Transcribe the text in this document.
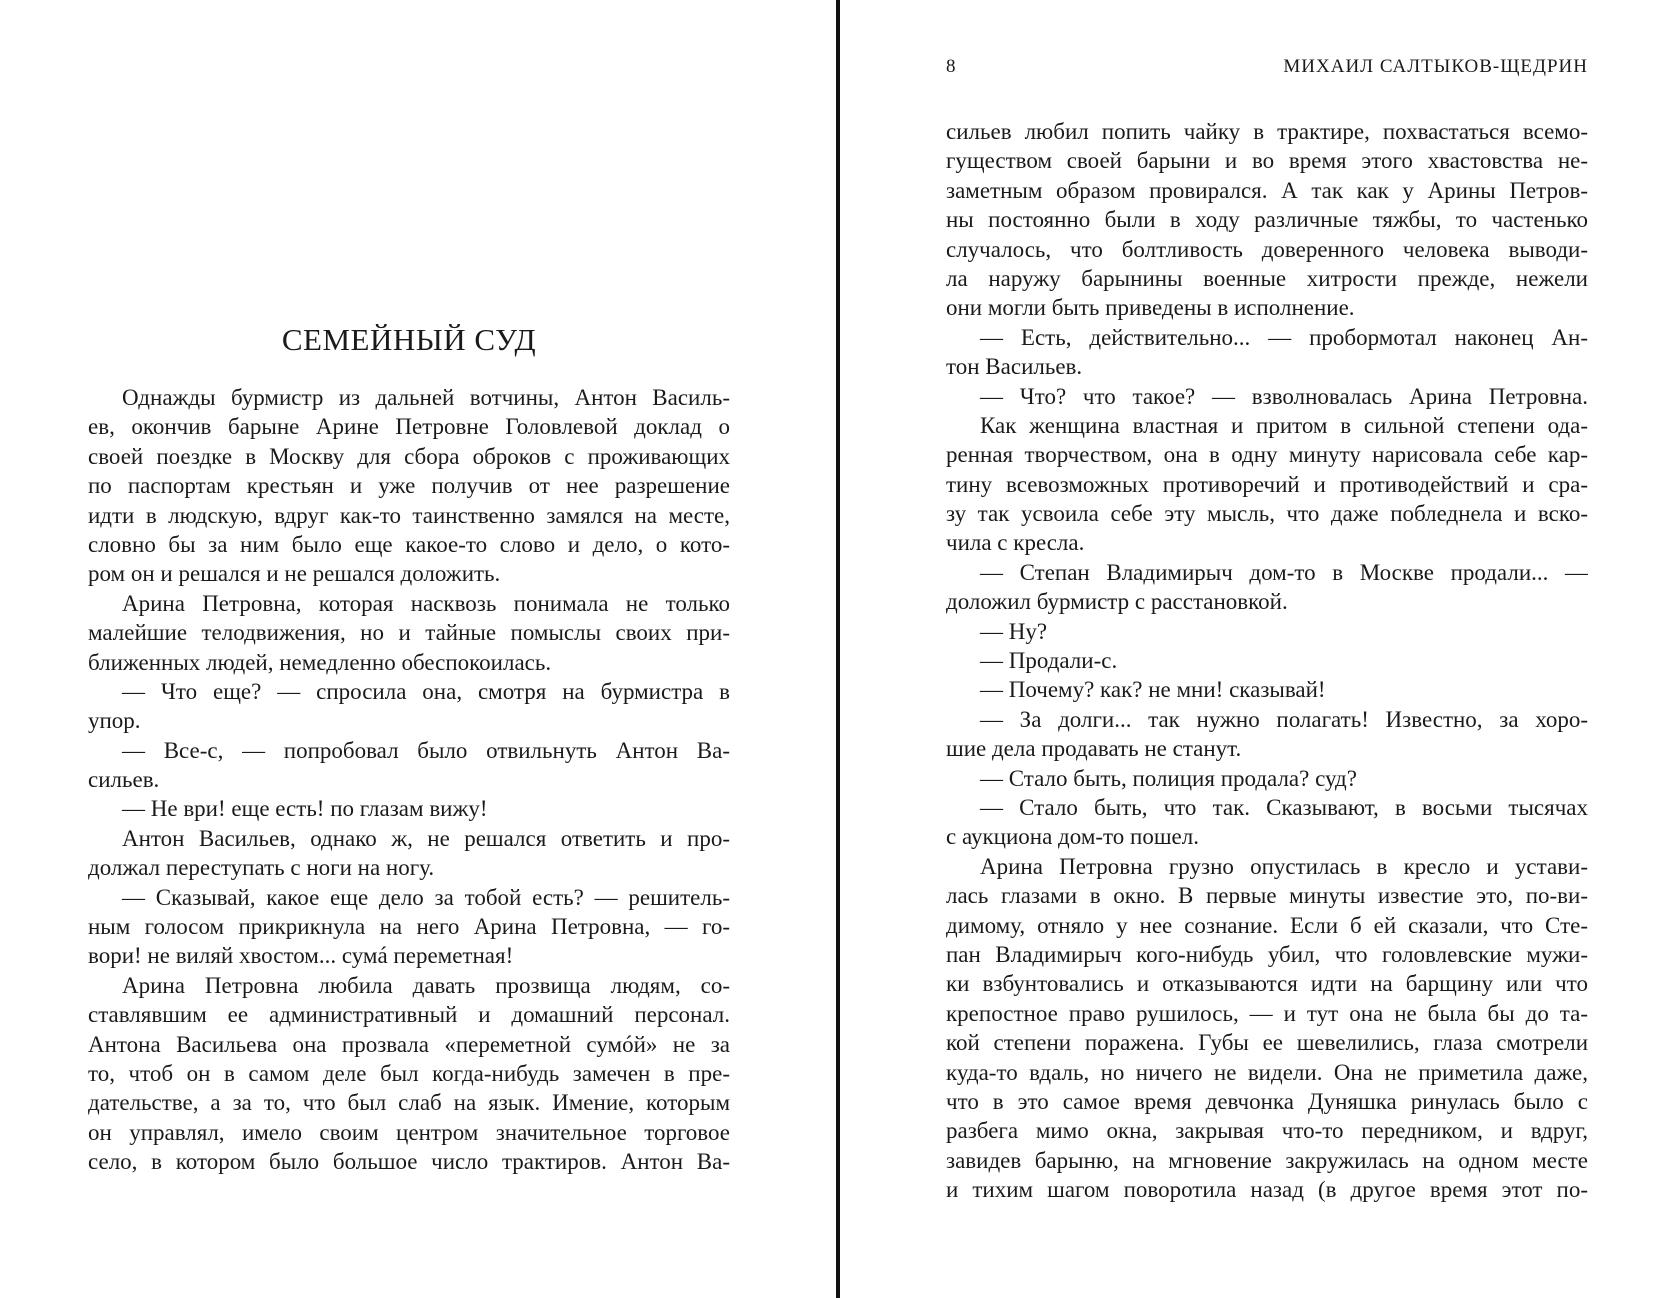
СЕМЕЙНЫЙ СУД
Однажды бурмистр из дальней вотчины, Антон Василь-
ев, окончив барыне Арине Петровне Головлевой доклад о
своей поездке в Москву для сбора оброков с проживающих
по паспортам крестьян и уже получив от нее разрешение
идти в людскую, вдруг как-то таинственно замялся на месте,
словно бы за ним было еще какое-то слово и дело, о кото-
ром он и решался и не решался доложить.
Арина Петровна, которая насквозь понимала не только
малейшие телодвижения, но и тайные помыслы своих при-
ближенных людей, немедленно обеспокоилась.
— Что еще? — спросила она, смотря на бурмистра в
упор.
— Все-с, — попробовал было отвильнуть Антон Ва-
сильев.
— Не ври! еще есть! по глазам вижу!
Антон Васильев, однако ж, не решался ответить и про-
должал переступать с ноги на ногу.
— Сказывай, какое еще дело за тобой есть? — решитель-
ным голосом прикрикнула на него Арина Петровна, — го-
вори! не виляй хвостом... сумá переметная!
Арина Петровна любила давать прозвища людям, со-
ставлявшим ее административный и домашний персонал.
Антона Васильева она прозвала «переметной сумóй» не за
то, чтоб он в самом деле был когда-нибудь замечен в пре-
дательстве, а за то, что был слаб на язык. Имение, которым
он управлял, имело своим центром значительное торговое
село, в котором было большое число трактиров. Антон Ва-
8	МИХАИЛ САЛТЫКОВ-ЩЕДРИН
сильев любил попить чайку в трактире, похвастаться всемо-
гуществом своей барыни и во время этого хвастовства не-
заметным образом провирался. А так как у Арины Петров-
ны постоянно были в ходу различные тяжбы, то частенько
случалось, что болтливость доверенного человека выводи-
ла наружу барынины военные хитрости прежде, нежели
они могли быть приведены в исполнение.
— Есть, действительно... — пробормотал наконец Ан-
тон Васильев.
— Что? что такое? — взволновалась Арина Петровна.
Как женщина властная и притом в сильной степени ода-
ренная творчеством, она в одну минуту нарисовала себе кар-
тину всевозможных противоречий и противодействий и сра-
зу так усвоила себе эту мысль, что даже побледнела и вско-
чила с кресла.
— Степан Владимирыч дом-то в Москве продали... —
доложил бурмистр с расстановкой.
— Ну?
— Продали-с.
— Почему? как? не мни! сказывай!
— За долги... так нужно полагать! Известно, за хоро-
шие дела продавать не станут.
— Стало быть, полиция продала? суд?
— Стало быть, что так. Сказывают, в восьми тысячах
с аукциона дом-то пошел.
Арина Петровна грузно опустилась в кресло и устави-
лась глазами в окно. В первые минуты известие это, по-ви-
димому, отняло у нее сознание. Если б ей сказали, что Сте-
пан Владимирыч кого-нибудь убил, что головлевские мужи-
ки взбунтовались и отказываются идти на барщину или что
крепостное право рушилось, — и тут она не была бы до та-
кой степени поражена. Губы ее шевелились, глаза смотрели
куда-то вдаль, но ничего не видели. Она не приметила даже,
что в это самое время девчонка Дуняшка ринулась было с
разбега мимо окна, закрывая что-то передником, и вдруг,
завидев барыню, на мгновение закружилась на одном месте
и тихим шагом поворотила назад (в другое время этот по-
